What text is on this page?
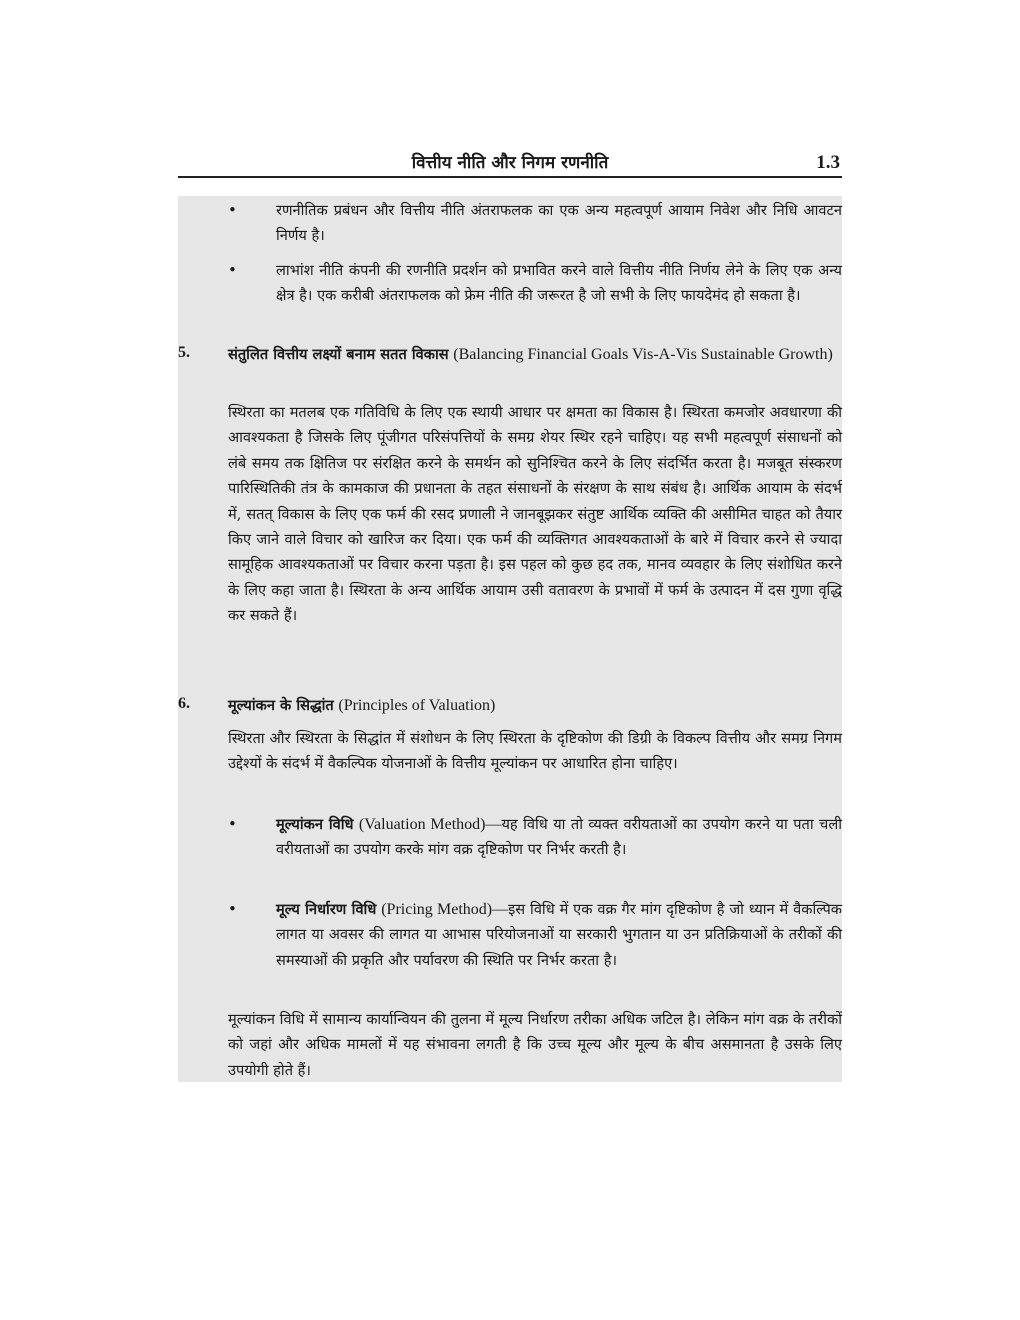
वित्तीय नीति और निगम रणनीति	1.3
•	रणनीतिक प्रबंधन और वित्तीय नीति अंतराफलक का एक अन्य महत्वपूर्ण आयाम निवेश और निधि आवटन निर्णय है।
•	लाभांश नीति कंपनी की रणनीति प्रदर्शन को प्रभावित करने वाले वित्तीय नीति निर्णय लेने के लिए एक अन्य क्षेत्र है। एक करीबी अंतराफलक को फ्रेम नीति की जरूरत है जो सभी के लिए फायदेमंद हो सकता है।
5.	संतुलित वित्तीय लक्ष्यों बनाम सतत विकास (Balancing Financial Goals Vis-A-Vis Sustainable Growth)
स्थिरता का मतलब एक गतिविधि के लिए एक स्थायी आधार पर क्षमता का विकास है। स्थिरता कमजोर अवधारणा की आवश्यकता है जिसके लिए पूंजीगत परिसंपत्तियों के समग्र शेयर स्थिर रहने चाहिए। यह सभी महत्वपूर्ण संसाधनों को लंबे समय तक क्षितिज पर संरक्षित करने के समर्थन को सुनिश्चित करने के लिए संदर्भित करता है। मजबूत संस्करण पारिस्थितिकी तंत्र के कामकाज की प्रधानता के तहत संसाधनों के संरक्षण के साथ संबंध है। आर्थिक आयाम के संदर्भ में, सतत् विकास के लिए एक फर्म की रसद प्रणाली ने जानबूझकर संतुष्ट आर्थिक व्यक्ति की असीमित चाहत को तैयार किए जाने वाले विचार को खारिज कर दिया। एक फर्म की व्यक्तिगत आवश्यकताओं के बारे में विचार करने से ज्यादा सामूहिक आवश्यकताओं पर विचार करना पड़ता है। इस पहल को कुछ हद तक, मानव व्यवहार के लिए संशोधित करने के लिए कहा जाता है। स्थिरता के अन्य आर्थिक आयाम उसी वतावरण के प्रभावों में फर्म के उत्पादन में दस गुणा वृद्धि कर सकते हैं।
6.	मूल्यांकन के सिद्धांत (Principles of Valuation)
स्थिरता और स्थिरता के सिद्धांत में संशोधन के लिए स्थिरता के दृष्टिकोण की डिग्री के विकल्प वित्तीय और समग्र निगम उद्देश्यों के संदर्भ में वैकल्पिक योजनाओं के वित्तीय मूल्यांकन पर आधारित होना चाहिए।
•	मूल्यांकन विधि (Valuation Method)—यह विधि या तो व्यक्त वरीयताओं का उपयोग करने या पता चली वरीयताओं का उपयोग करके मांग वक्र दृष्टिकोण पर निर्भर करती है।
•	मूल्य निर्धारण विधि (Pricing Method)—इस विधि में एक वक्र गैर मांग दृष्टिकोण है जो ध्यान में वैकल्पिक लागत या अवसर की लागत या आभास परियोजनाओं या सरकारी भुगतान या उन प्रतिक्रियाओं के तरीकों की समस्याओं की प्रकृति और पर्यावरण की स्थिति पर निर्भर करता है।
मूल्यांकन विधि में सामान्य कार्यान्वियन की तुलना में मूल्य निर्धारण तरीका अधिक जटिल है। लेकिन मांग वक्र के तरीकों को जहां और अधिक मामलों में यह संभावना लगती है कि उच्च मूल्य और मूल्य के बीच असमानता है उसके लिए उपयोगी होते हैं।
